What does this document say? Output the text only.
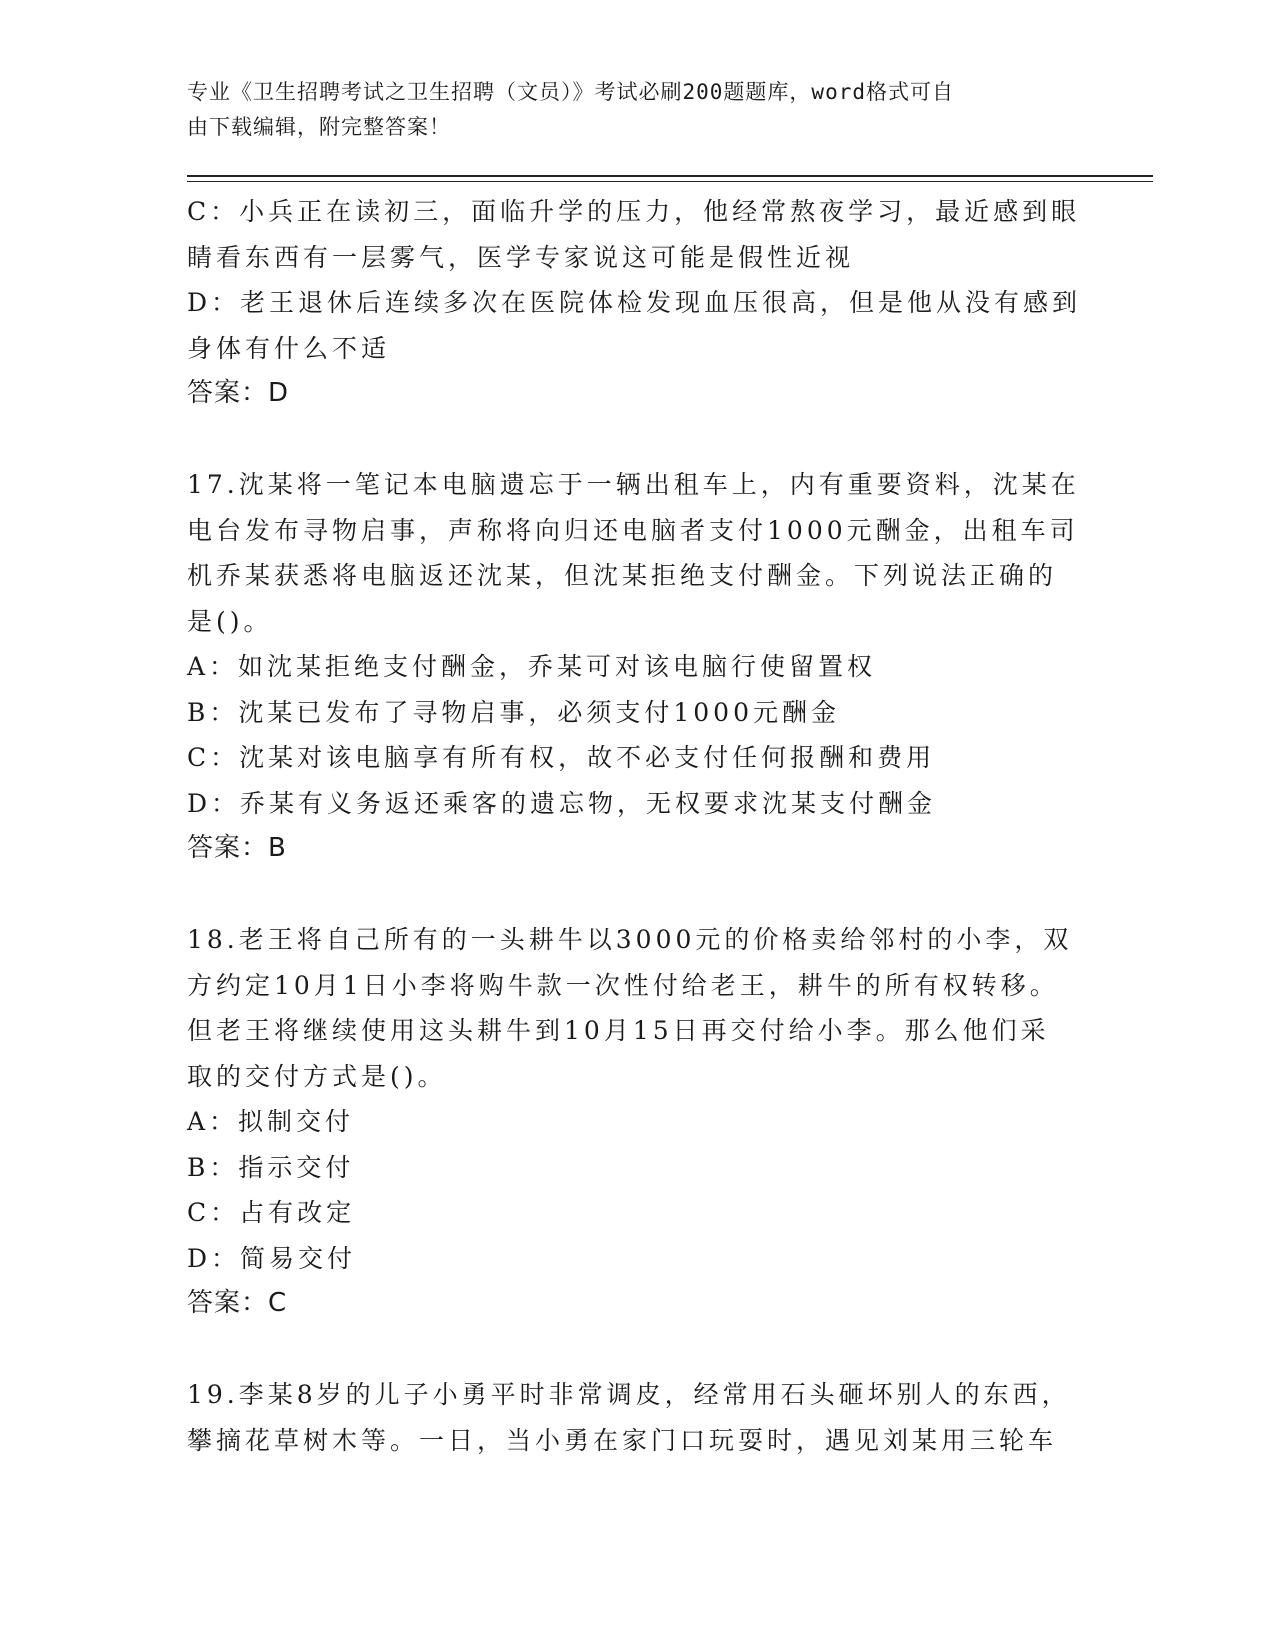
专业《卫生招聘考试之卫生招聘（文员）》考试必刷200题题库，word格式可自
由下载编辑，附完整答案！
C：小兵正在读初三，面临升学的压力，他经常熬夜学习，最近感到眼
睛看东西有一层雾气，医学专家说这可能是假性近视
D：老王退休后连续多次在医院体检发现血压很高，但是他从没有感到
身体有什么不适
答案：D
17.沈某将一笔记本电脑遗忘于一辆出租车上，内有重要资料，沈某在
电台发布寻物启事，声称将向归还电脑者支付1000元酬金，出租车司
机乔某获悉将电脑返还沈某，但沈某拒绝支付酬金。下列说法正确的
是()。
A：如沈某拒绝支付酬金，乔某可对该电脑行使留置权
B：沈某已发布了寻物启事，必须支付1000元酬金
C：沈某对该电脑享有所有权，故不必支付任何报酬和费用
D：乔某有义务返还乘客的遗忘物，无权要求沈某支付酬金
答案：B
18.老王将自己所有的一头耕牛以3000元的价格卖给邻村的小李，双
方约定10月1日小李将购牛款一次性付给老王，耕牛的所有权转移。
但老王将继续使用这头耕牛到10月15日再交付给小李。那么他们采
取的交付方式是()。
A：拟制交付
B：指示交付
C：占有改定
D：简易交付
答案：C
19.李某8岁的儿子小勇平时非常调皮，经常用石头砸坏别人的东西，
攀摘花草树木等。一日，当小勇在家门口玩耍时，遇见刘某用三轮车
